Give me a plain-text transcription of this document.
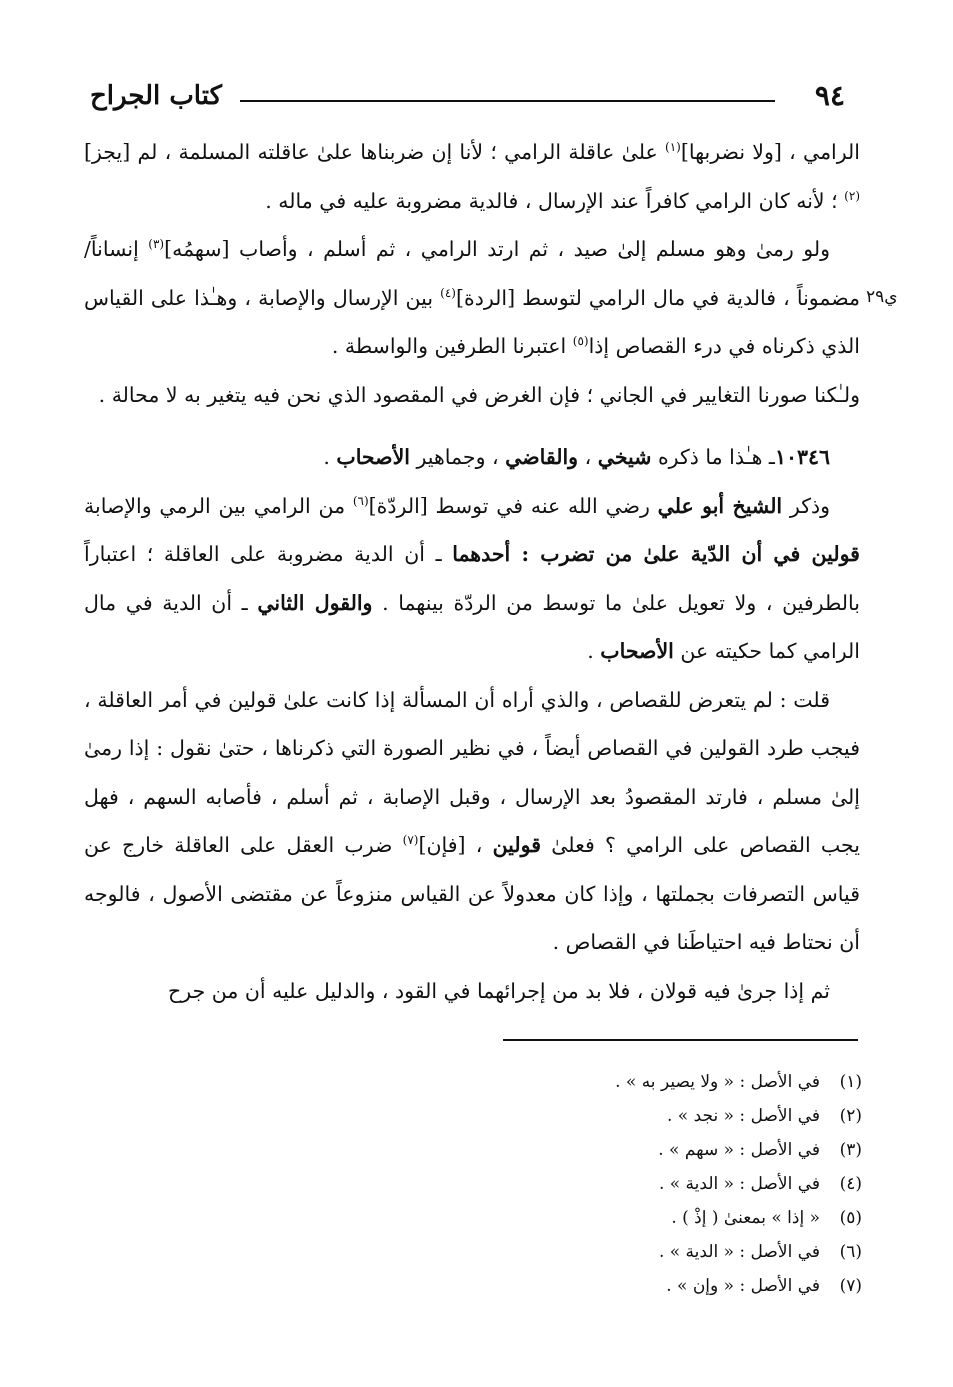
٩٤
كتاب الجراح
ي٢٩

الرامي ، [ولا نضربها]$^{(١)}$ علىٰ عاقلة الرامي ؛ لأنا إن ضربناها علىٰ عاقلته المسلمة ، لم [يجز]$^{(٢)}$ ؛ لأنه كان الرامي كافراً عند الإرسال ، فالدية مضروبة عليه في ماله .

ولو رمىٰ وهو مسلم إلىٰ صيد ، ثم ارتد الرامي ، ثم أسلم ، وأصاب [سهمُه]$^{(٣)}$ إنساناً/ مضموناً ، فالدية في مال الرامي لتوسط [الردة]$^{(٤)}$ بين الإرسال والإصابة ، وهـٰذا على القياس الذي ذكرناه في درء القصاص إذا$^{(٥)}$ اعتبرنا الطرفين والواسطة .

ولـٰكنا صورنا التغايير في الجاني ؛ فإن الغرض في المقصود الذي نحن فيه يتغير به لا محالة .

١٠٣٤٦ـ هـٰذا ما ذكره شيخي ، والقاضي ، وجماهير الأصحاب .

وذكر الشيخ أبو علي رضي الله عنه في توسط [الردّة]$^{(٦)}$ من الرامي بين الرمي والإصابة قولين في أن الدّية علىٰ من تضرب : أحدهما ـ أن الدية مضروبة على العاقلة ؛ اعتباراً بالطرفين ، ولا تعويل علىٰ ما توسط من الردّة بينهما . والقول الثاني ـ أن الدية في مال الرامي كما حكيته عن الأصحاب .

قلت : لم يتعرض للقصاص ، والذي أراه أن المسألة إذا كانت علىٰ قولين في أمر العاقلة ، فيجب طرد القولين في القصاص أيضاً ، في نظير الصورة التي ذكرناها ، حتىٰ نقول : إذا رمىٰ إلىٰ مسلم ، فارتد المقصودُ بعد الإرسال ، وقبل الإصابة ، ثم أسلم ، فأصابه السهم ، فهل يجب القصاص على الرامي ؟ فعلىٰ قولين ، [فإن]$^{(٧)}$ ضرب العقل على العاقلة خارج عن قياس التصرفات بجملتها ، وإذا كان معدولاً عن القياس منزوعاً عن مقتضى الأصول ، فالوجه أن نحتاط فيه احتياطَنا في القصاص .

ثم إذا جرىٰ فيه قولان ، فلا بد من إجرائهما في القود ، والدليل عليه أن من جرح

(١)في الأصل : « ولا يصير به » .
(٢)في الأصل : « نجد » .
(٣)في الأصل : « سهم » .
(٤)في الأصل : « الدية » .
(٥)« إذا » بمعنىٰ ( إذْ ) .
(٦)في الأصل : « الدية » .
(٧)في الأصل : « وإن » .
